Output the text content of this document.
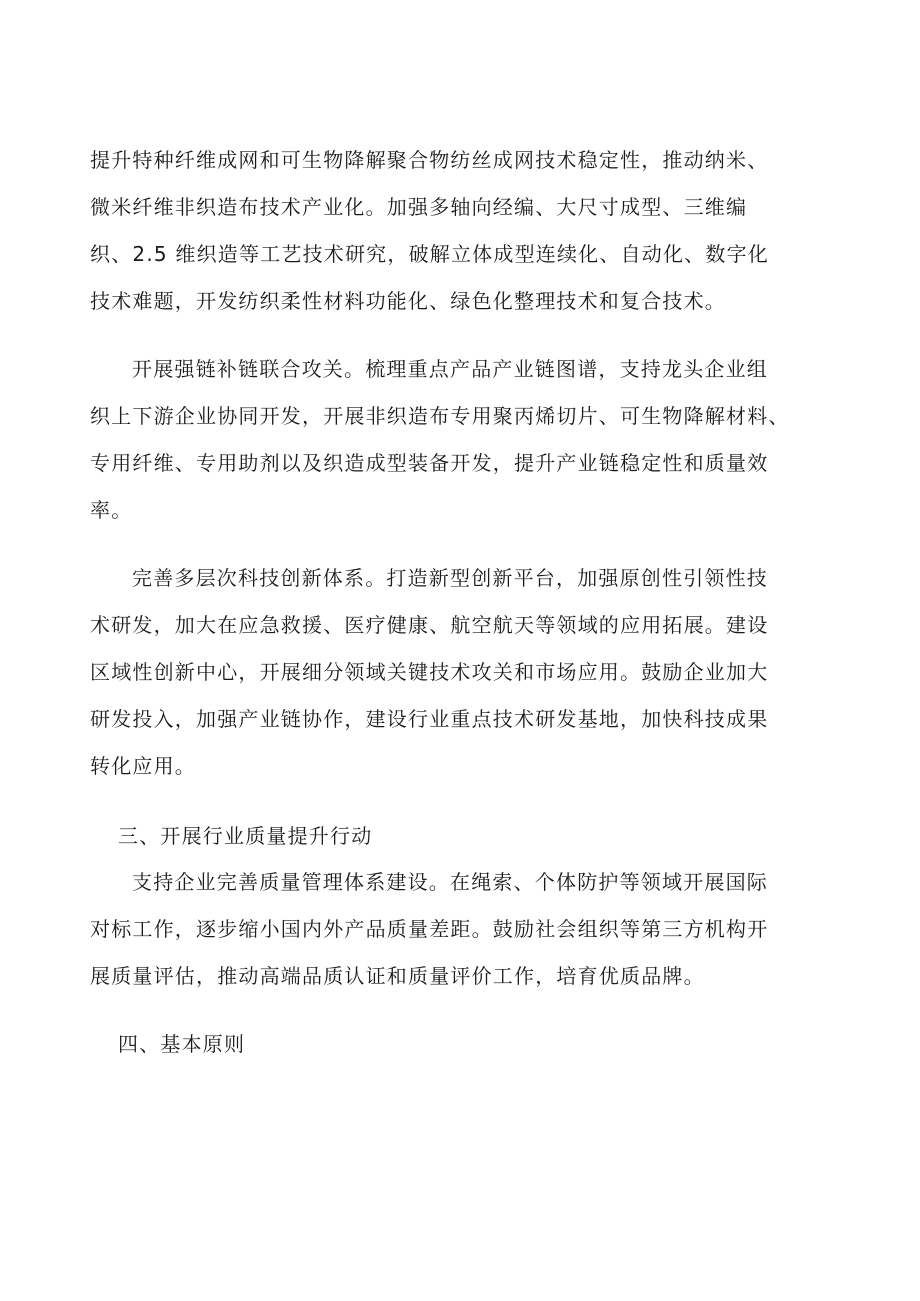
提升特种纤维成网和可生物降解聚合物纺丝成网技术稳定性，推动纳米、
微米纤维非织造布技术产业化。加强多轴向经编、大尺寸成型、三维编
织、2.5 维织造等工艺技术研究，破解立体成型连续化、自动化、数字化
技术难题，开发纺织柔性材料功能化、绿色化整理技术和复合技术。
开展强链补链联合攻关。梳理重点产品产业链图谱，支持龙头企业组
织上下游企业协同开发，开展非织造布专用聚丙烯切片、可生物降解材料、
专用纤维、专用助剂以及织造成型装备开发，提升产业链稳定性和质量效
率。
完善多层次科技创新体系。打造新型创新平台，加强原创性引领性技
术研发，加大在应急救援、医疗健康、航空航天等领域的应用拓展。建设
区域性创新中心，开展细分领域关键技术攻关和市场应用。鼓励企业加大
研发投入，加强产业链协作，建设行业重点技术研发基地，加快科技成果
转化应用。
三、开展行业质量提升行动
支持企业完善质量管理体系建设。在绳索、个体防护等领域开展国际
对标工作，逐步缩小国内外产品质量差距。鼓励社会组织等第三方机构开
展质量评估，推动高端品质认证和质量评价工作，培育优质品牌。
四、基本原则
